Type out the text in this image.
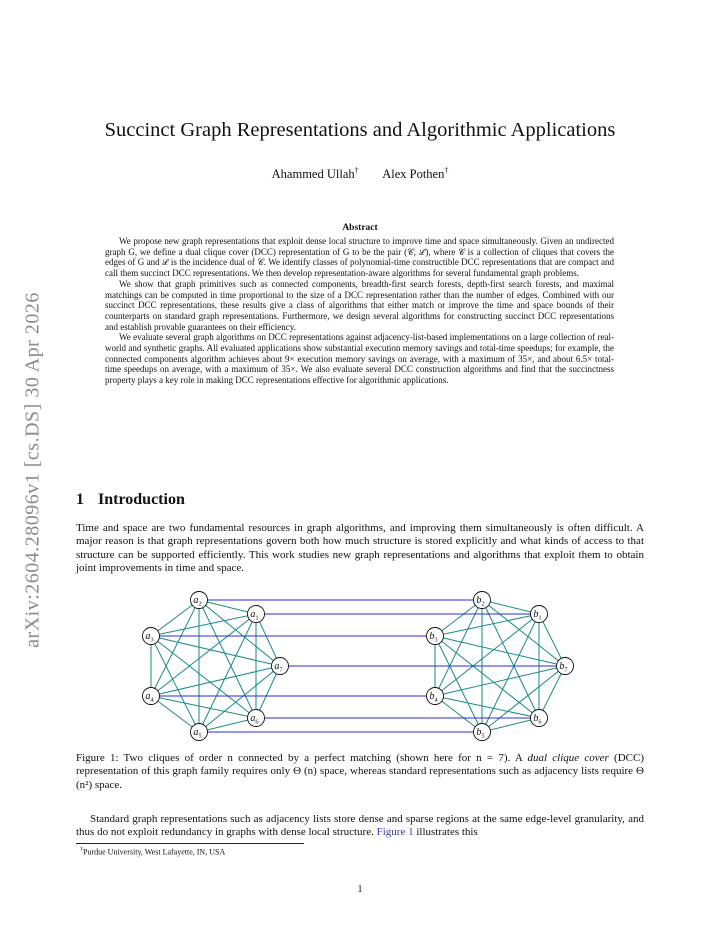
arXiv:2604.28096v1 [cs.DS] 30 Apr 2026
Succinct Graph Representations and Algorithmic Applications
Ahammed Ullah† Alex Pothen†
Abstract

We propose new graph representations that exploit dense local structure to improve time and space simultaneously. Given an undirected graph G, we define a dual clique cover (DCC) representation of G to be the pair (𝒞, ℒ), where 𝒞 is a collection of cliques that covers the edges of G and ℒ is the incidence dual of 𝒞. We identify classes of polynomial-time constructible DCC representations that are compact and call them succinct DCC representations. We then develop representation-aware algorithms for several fundamental graph problems.

We show that graph primitives such as connected components, breadth-first search forests, depth-first search forests, and maximal matchings can be computed in time proportional to the size of a DCC representation rather than the number of edges. Combined with our succinct DCC representations, these results give a class of algorithms that either match or improve the time and space bounds of their counterparts on standard graph representations. Furthermore, we design several algorithms for constructing succinct DCC representations and establish provable guarantees on their efficiency.

We evaluate several graph algorithms on DCC representations against adjacency-list-based implementations on a large collection of real-world and synthetic graphs. All evaluated applications show substantial execution memory savings and total-time speedups; for example, the connected components algorithm achieves about 9× execution memory savings on average, with a maximum of 35×, and about 6.5× total-time speedups on average, with a maximum of 35×. We also evaluate several DCC construction algorithms and find that the succinctness property plays a key role in making DCC representations effective for algorithmic applications.

1 Introduction

Time and space are two fundamental resources in graph algorithms, and improving them simultaneously is often difficult. A major reason is that graph representations govern both how much structure is stored explicitly and what kinds of access to that structure can be supported efficiently. This work studies new graph representations and algorithms that exploit them to obtain joint improvements in time and space.

$a_1$
$a_2$
$a_3$
$a_4$
$a_5$
$a_6$
$a_7$
$b_1$
$b_2$
$b_3$
$b_4$
$b_5$
$b_6$
$b_7$

Figure 1: Two cliques of order n connected by a perfect matching (shown here for n = 7). A dual clique cover (DCC) representation of this graph family requires only Θ (n) space, whereas standard representations such as adjacency lists require Θ (n²) space.

Standard graph representations such as adjacency lists store dense and sparse regions at the same edge-level granularity, and thus do not exploit redundancy in graphs with dense local structure. Figure 1 illustrates this

†Purdue University, West Lafayette, IN, USA
1
